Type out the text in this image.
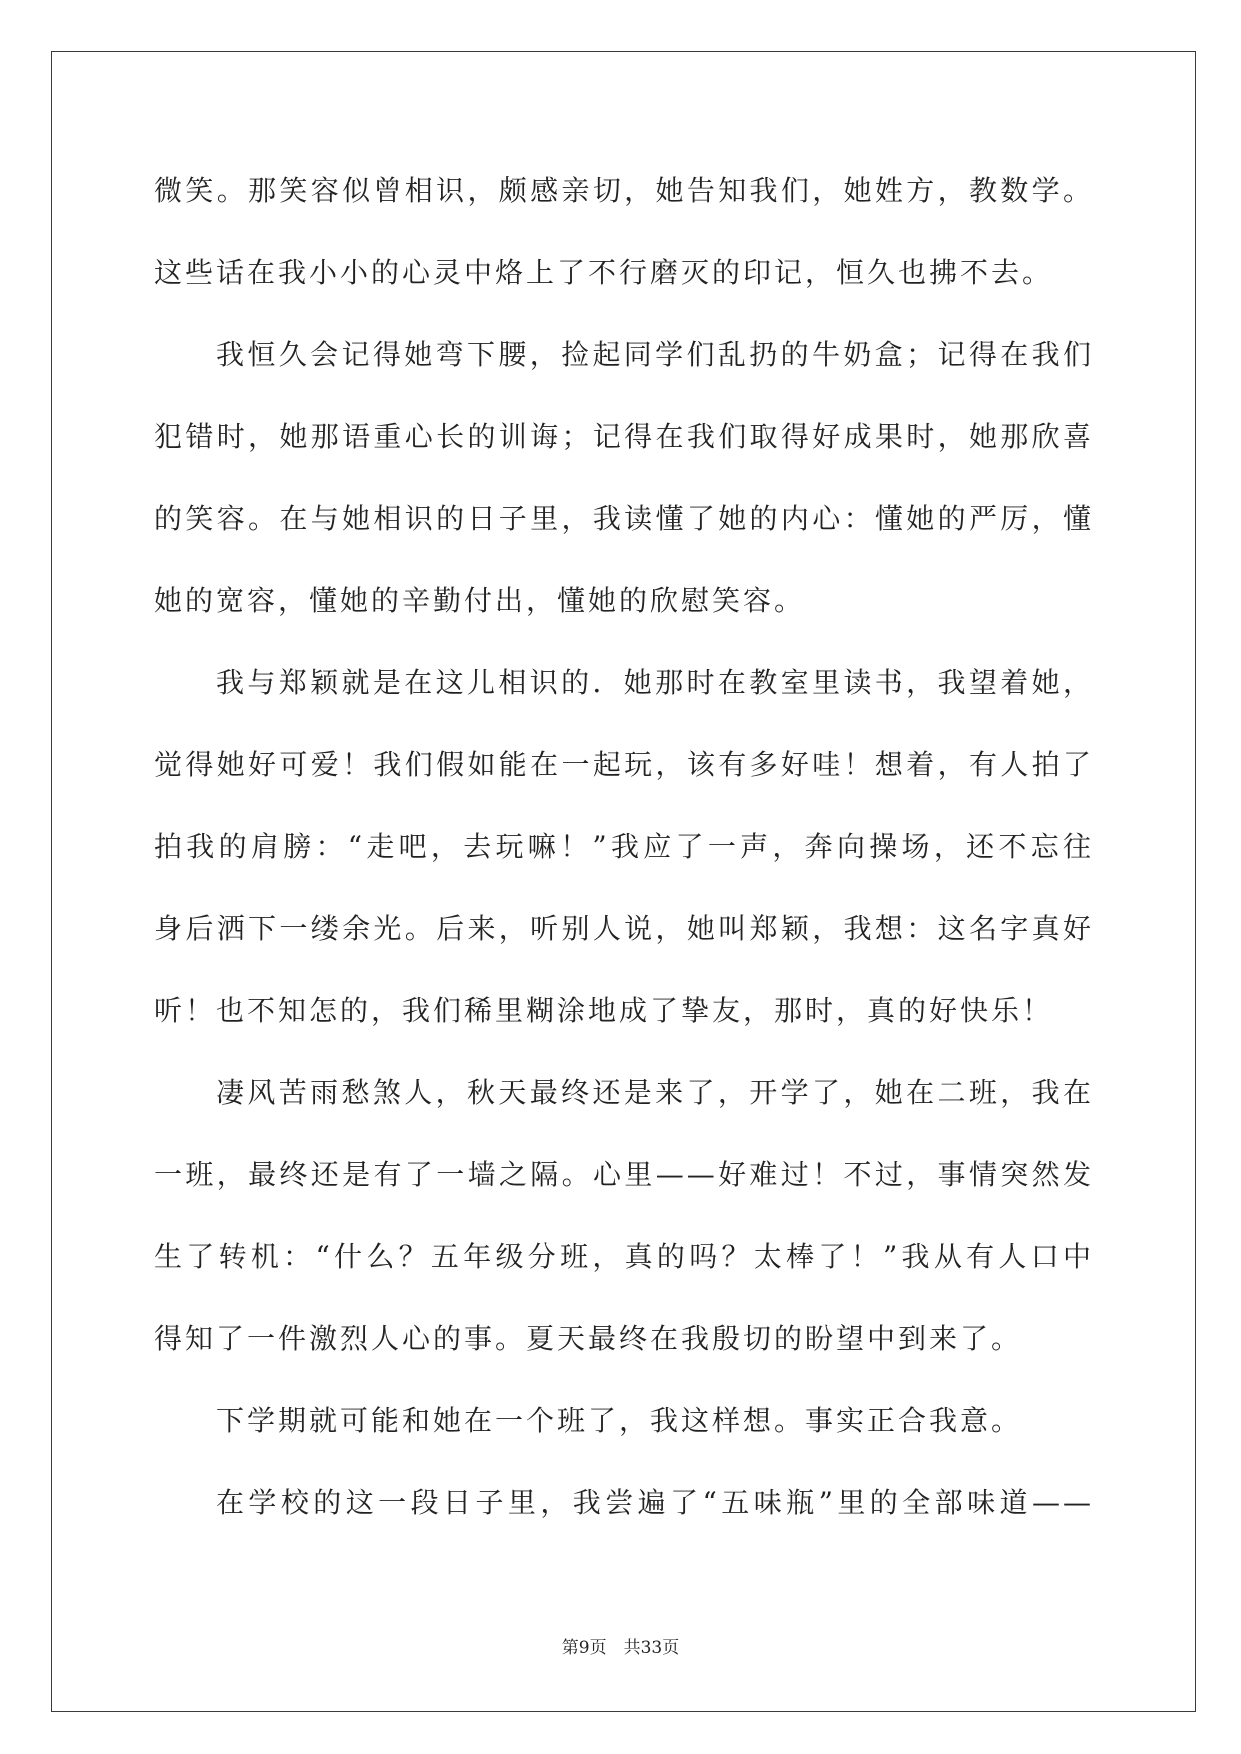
微笑。那笑容似曾相识，颇感亲切，她告知我们，她姓方，教数学。
这些话在我小小的心灵中烙上了不行磨灭的印记，恒久也拂不去。
我恒久会记得她弯下腰，捡起同学们乱扔的牛奶盒；记得在我们
犯错时，她那语重心长的训诲；记得在我们取得好成果时，她那欣喜
的笑容。在与她相识的日子里，我读懂了她的内心：懂她的严厉，懂
她的宽容，懂她的辛勤付出，懂她的欣慰笑容。
我与郑颖就是在这儿相识的．她那时在教室里读书，我望着她，
觉得她好可爱！我们假如能在一起玩，该有多好哇！想着，有人拍了
拍我的肩膀：“走吧，去玩嘛！”我应了一声，奔向操场，还不忘往
身后洒下一缕余光。后来，听别人说，她叫郑颖，我想：这名字真好
听！也不知怎的，我们稀里糊涂地成了挚友，那时，真的好快乐！
凄风苦雨愁煞人，秋天最终还是来了，开学了，她在二班，我在
一班，最终还是有了一墙之隔。心里——好难过！不过，事情突然发
生了转机：“什么？五年级分班，真的吗？太棒了！”我从有人口中
得知了一件激烈人心的事。夏天最终在我殷切的盼望中到来了。
下学期就可能和她在一个班了，我这样想。事实正合我意。
在学校的这一段日子里，我尝遍了“五味瓶”里的全部味道——
第9页　共33页
